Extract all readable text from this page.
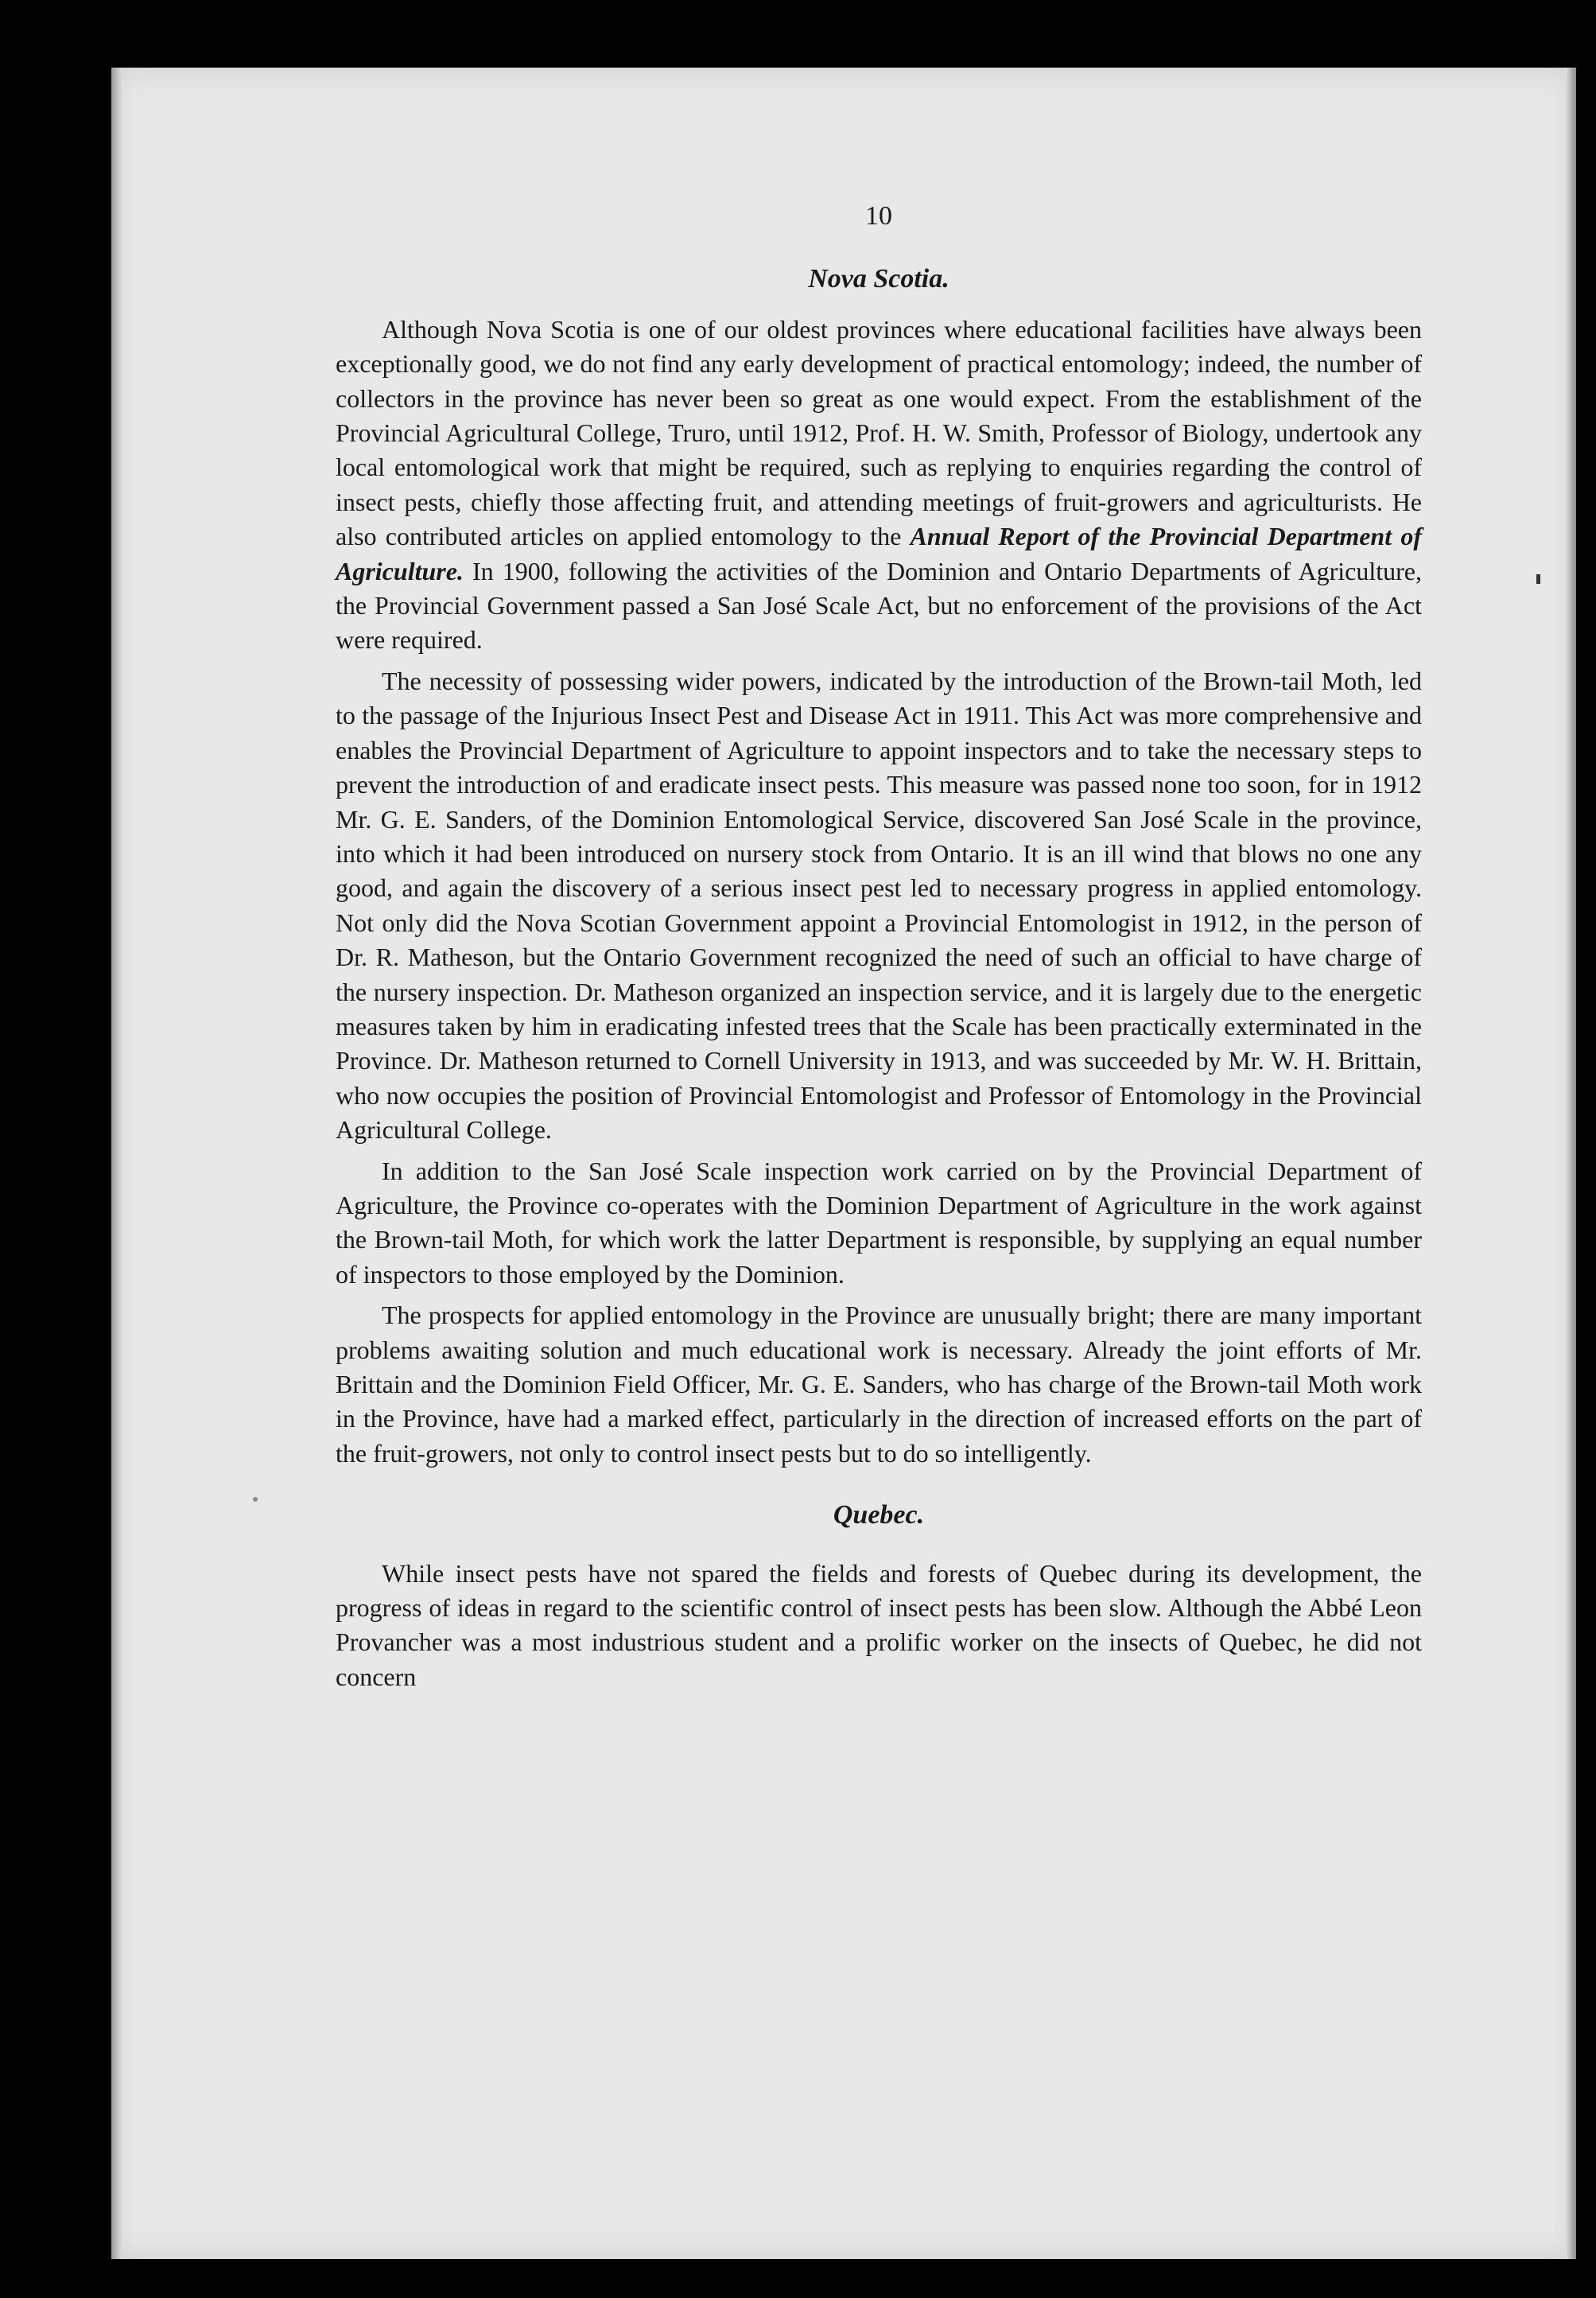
10
Nova Scotia.

Although Nova Scotia is one of our oldest provinces where educational facilities have always been exceptionally good, we do not find any early development of practical entomology; indeed, the number of collectors in the province has never been so great as one would expect. From the establishment of the Provincial Agricultural College, Truro, until 1912, Prof. H. W. Smith, Professor of Biology, undertook any local entomological work that might be required, such as replying to enquiries regarding the control of insect pests, chiefly those affecting fruit, and attending meetings of fruit-growers and agriculturists. He also contributed articles on applied entomology to the Annual Report of the Provincial Department of Agriculture. In 1900, following the activities of the Dominion and Ontario Departments of Agriculture, the Provincial Government passed a San José Scale Act, but no enforcement of the provisions of the Act were required.

The necessity of possessing wider powers, indicated by the introduction of the Brown-tail Moth, led to the passage of the Injurious Insect Pest and Disease Act in 1911. This Act was more comprehensive and enables the Provincial Department of Agriculture to appoint inspectors and to take the necessary steps to prevent the introduction of and eradicate insect pests. This measure was passed none too soon, for in 1912 Mr. G. E. Sanders, of the Dominion Entomological Service, discovered San José Scale in the province, into which it had been introduced on nursery stock from Ontario. It is an ill wind that blows no one any good, and again the discovery of a serious insect pest led to necessary progress in applied entomology. Not only did the Nova Scotian Government appoint a Provincial Entomologist in 1912, in the person of Dr. R. Matheson, but the Ontario Government recognized the need of such an official to have charge of the nursery inspection. Dr. Matheson organized an inspection service, and it is largely due to the energetic measures taken by him in eradicating infested trees that the Scale has been practically exterminated in the Province. Dr. Matheson returned to Cornell University in 1913, and was succeeded by Mr. W. H. Brittain, who now occupies the position of Provincial Entomologist and Professor of Entomology in the Provincial Agricultural College.

In addition to the San José Scale inspection work carried on by the Provincial Department of Agriculture, the Province co-operates with the Dominion Department of Agriculture in the work against the Brown-tail Moth, for which work the latter Department is responsible, by supplying an equal number of inspectors to those employed by the Dominion.

The prospects for applied entomology in the Province are unusually bright; there are many important problems awaiting solution and much educational work is necessary. Already the joint efforts of Mr. Brittain and the Dominion Field Officer, Mr. G. E. Sanders, who has charge of the Brown-tail Moth work in the Province, have had a marked effect, particularly in the direction of increased efforts on the part of the fruit-growers, not only to control insect pests but to do so intelligently.

Quebec.

While insect pests have not spared the fields and forests of Quebec during its development, the progress of ideas in regard to the scientific control of insect pests has been slow. Although the Abbé Leon Provancher was a most industrious student and a prolific worker on the insects of Quebec, he did not concern
